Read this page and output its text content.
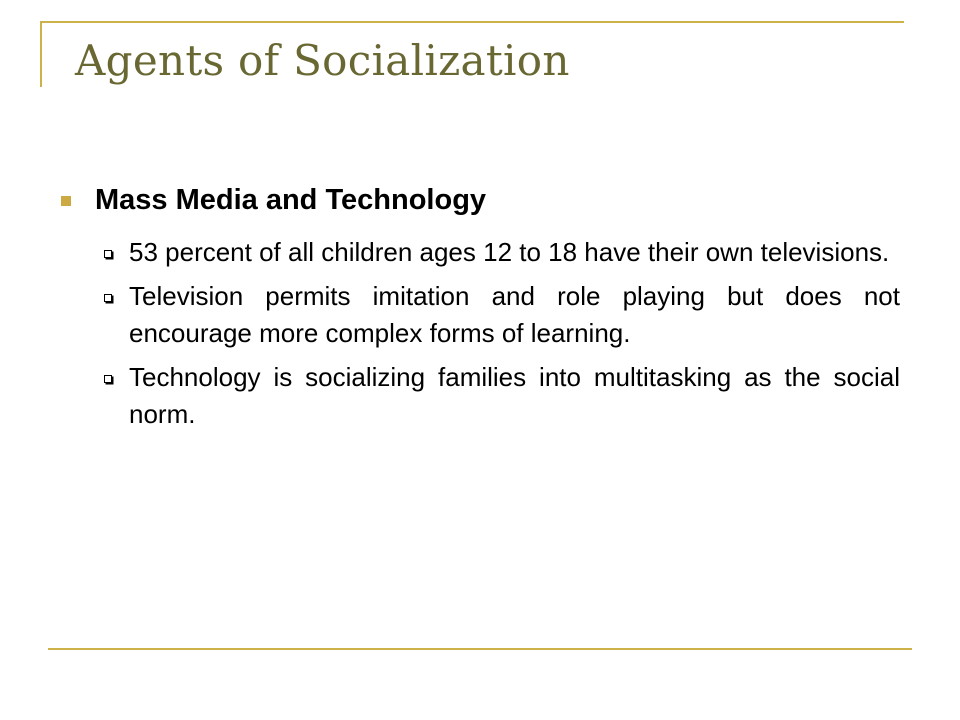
Agents of Socialization
Mass Media and Technology
53 percent of all children ages 12 to 18 have their own televisions.
Television permits imitation and role playing but does not encourage more complex forms of learning.
Technology is socializing families into multitasking as the social norm.
